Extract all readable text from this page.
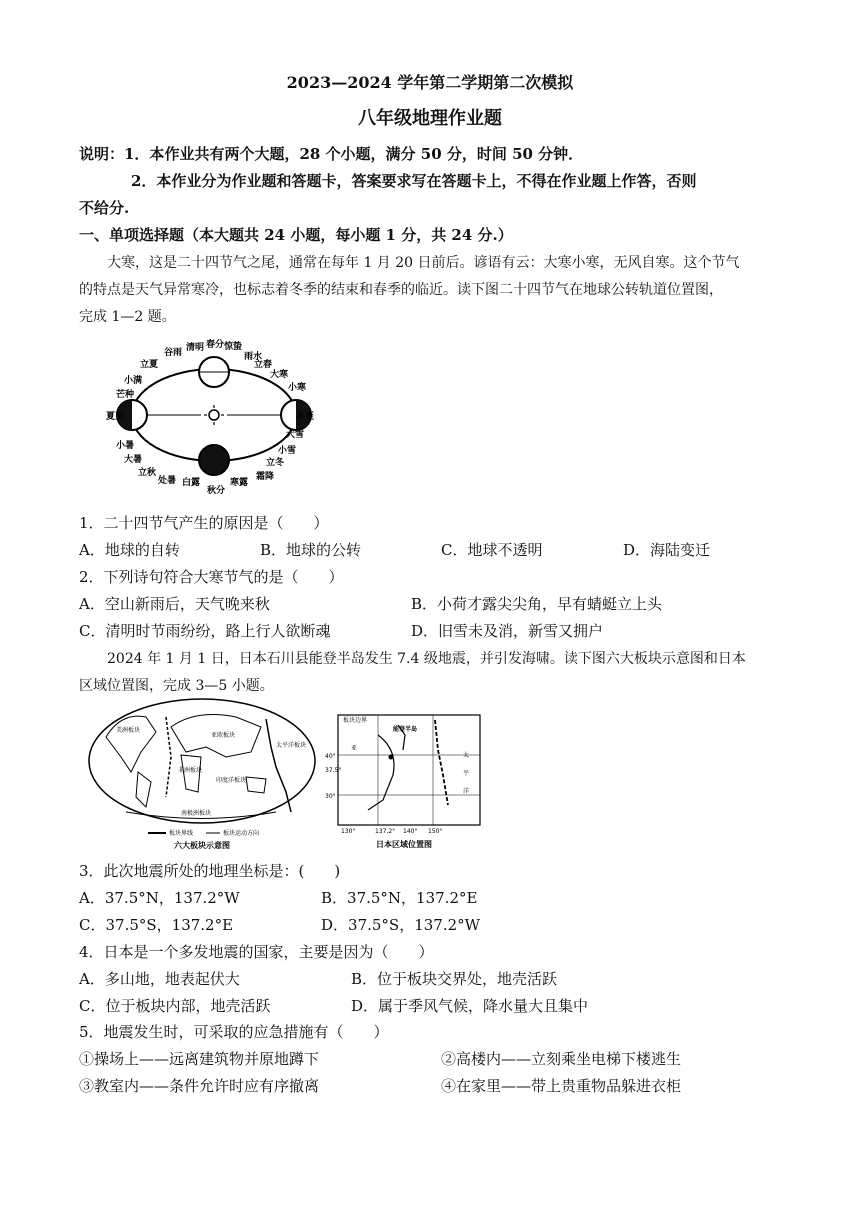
2023—2024 学年第二学期第二次模拟
八年级地理作业题
说明：1．本作业共有两个大题，28 个小题，满分 50 分，时间 50 分钟．
2．本作业分为作业题和答题卡，答案要求写在答题卡上，不得在作业题上作答，否则
不给分.
一、单项选择题（本大题共 24 小题，每小题 1 分，共 24 分.）
大寒，这是二十四节气之尾，通常在每年 1 月 20 日前后。谚语有云：大寒小寒，无风自寒。这个节气
的特点是天气异常寒冷，也标志着冬季的结束和春季的临近。读下图二十四节气在地球公转轨道位置图，
完成 1—2 题。
春分 惊蛰
清明
谷雨	雨水
立春
大寒
小寒
冬至
大雪
小雪
立冬
霜降
寒露
秋分
白露
处暑
立秋
大暑
小暑
夏至
芒种
小满
立夏
1．二十四节气产生的原因是（　　）
A．地球的自转	B．地球的公转	C．地球不透明	D．海陆变迁
2．下列诗句符合大寒节气的是（　　）
A．空山新雨后，天气晚来秋	B．小荷才露尖尖角，早有蜻蜓立上头
C．清明时节雨纷纷，路上行人欲断魂	D．旧雪未及消，新雪又拥户
2024 年 1 月 1 日，日本石川县能登半岛发生 7.4 级地震，并引发海啸。读下图六大板块示意图和日本
区域位置图，完成 3—5 小题。
亚欧板块
太平洋板块
美洲板块
非洲板块
印度洋板块
南极洲板块
板块界线	板块运动方向
六大板块示意图
板块边界
能登半岛
亚
太
平
洋
40°
37.5°
30°
130°	137.2° 140° 150°
日本区域位置图
3．此次地震所处的地理坐标是：(　　)
A．37.5°N，137.2°W	B．37.5°N，137.2°E
C．37.5°S，137.2°E	D．37.5°S，137.2°W
4．日本是一个多发地震的国家，主要是因为（　　）
A．多山地，地表起伏大	B．位于板块交界处，地壳活跃
C．位于板块内部，地壳活跃	D．属于季风气候，降水量大且集中
5．地震发生时，可采取的应急措施有（　　）
①操场上——远离建筑物并原地蹲下	②高楼内——立刻乘坐电梯下楼逃生
③教室内——条件允许时应有序撤离	④在家里——带上贵重物品躲进衣柜
